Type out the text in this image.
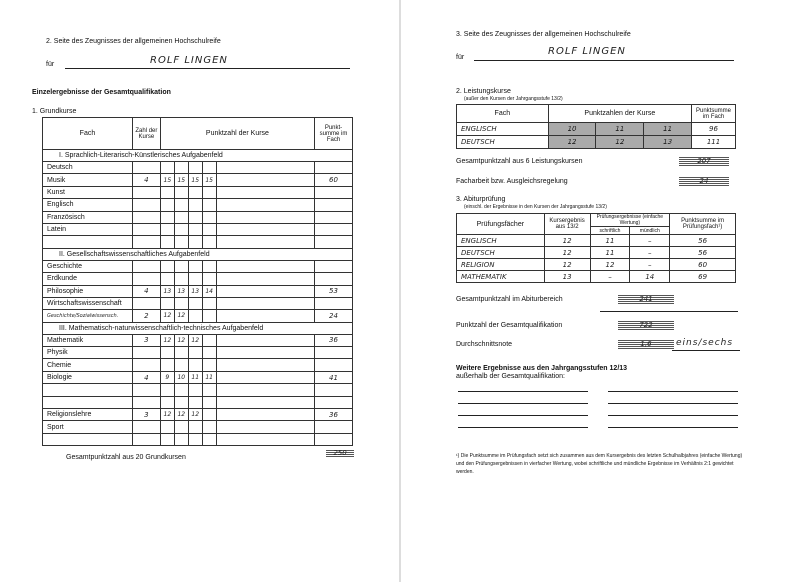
2. Seite des Zeugnisses der allgemeinen Hochschulreife
für	ROLF LINGEN
Einzelergebnisse der Gesamtqualifikation
1. Grundkurse
Fach	Zahl der Kurse	Punktzahl der Kurse					Punkt-summe im Fach
I. Sprachlich-Literarisch-Künstlerisches Aufgabenfeld							
Deutsch							
Musik	4	15	15	15	15		60
Kunst							
Englisch							
Französisch							
Latein							

II. Gesellschaftswissenschaftliches Aufgabenfeld							
Geschichte							
Erdkunde							
Philosophie	4	13	13	13	14		53
Wirtschaftswissenschaft							
Geschichte/Sozialwissensch.	2	12	12				24
III. Mathematisch-naturwissenschaftlich-technisches Aufgabenfeld							
Mathematik	3	12	12	12			36
Physik							
Chemie							
Biologie	4	9	10	11	11		41

Religionslehre	3	12	12	12			36
Sport							

Gesamtpunktzahl aus 20 Grundkursen
250
3. Seite des Zeugnisses der allgemeinen Hochschulreife
für
ROLF LINGEN
2. Leistungskurse
(außer den Kursen der Jahrgangsstufe 13/2)
Fach	Punktzahlen der Kurse			Punktsumme im Fach
ENGLISCH	10	11	11	96
DEUTSCH	12	12	13	111
Gesamtpunktzahl aus 6 Leistungskursen	207
Facharbeit bzw. Ausgleichsregelung	24
3. Abiturprüfung
(einschl. der Ergebnisse in den Kursen der Jahrgangsstufe 13/2)
Prüfungsfächer	Kursergebnis aus 13/2	Prüfungsergebnisse (einfache Wertung)		Punktsumme im Prüfungsfach¹)
		schriftlich	mündlich	
ENGLISCH	12	11	–	56
DEUTSCH	12	11	–	56
RELIGION	12	12	–	60
MATHEMATIK	13	–	14	69
Gesamtpunktzahl im Abiturbereich	241
Punktzahl der Gesamtqualifikation	722
Durchschnittsnote	1,6	eins/sechs
Weitere Ergebnisse aus den Jahrgangsstufen 12/13
außerhalb der Gesamtqualifikation:
¹) Die Punktsumme im Prüfungsfach setzt sich zusammen aus dem Kursergebnis des letzten Schulhalbjahres (einfache Wertung) und den Prüfungsergebnissen in vierfacher Wertung, wobei schriftliche und mündliche Ergebnisse im Verhältnis 2:1 gewichtet werden.
